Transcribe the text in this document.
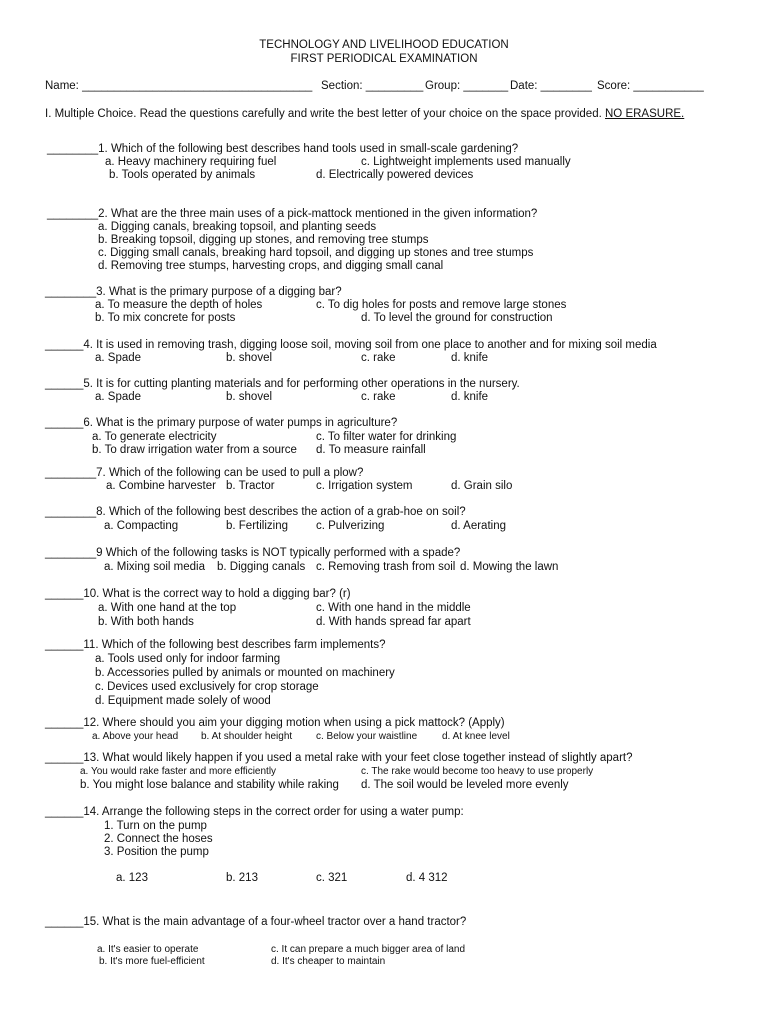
TECHNOLOGY AND LIVELIHOOD EDUCATION
FIRST PERIODICAL EXAMINATION
Name: ____________________________________ Section: _________ Group: _______ Date: ________ Score: ___________
I. Multiple Choice. Read the questions carefully and write the best letter of your choice on the space provided. NO ERASURE.
________1. Which of the following best describes hand tools used in small-scale gardening?
a. Heavy machinery requiring fuel	c. Lightweight implements used manually
b. Tools operated by animals	d. Electrically powered devices
________2. What are the three main uses of a pick-mattock mentioned in the given information?
a. Digging canals, breaking topsoil, and planting seeds
b. Breaking topsoil, digging up stones, and removing tree stumps
c. Digging small canals, breaking hard topsoil, and digging up stones and tree stumps
d. Removing tree stumps, harvesting crops, and digging small canal
________3. What is the primary purpose of a digging bar?
a. To measure the depth of holes	c. To dig holes for posts and remove large stones
b. To mix concrete for posts	d. To level the ground for construction
______4. It is used in removing trash, digging loose soil, moving soil from one place to another and for mixing soil media
a. Spade	b. shovel	c. rake	d. knife
______5. It is for cutting planting materials and for performing other operations in the nursery.
a. Spade	b. shovel	c. rake	d. knife
______6. What is the primary purpose of water pumps in agriculture?
a. To generate electricity	c. To filter water for drinking
b. To draw irrigation water from a source d. To measure rainfall
________7. Which of the following can be used to pull a plow?
a. Combine harvester b. Tractor	c. Irrigation system	d. Grain silo
________8. Which of the following best describes the action of a grab-hoe on soil?
a. Compacting	b. Fertilizing c. Pulverizing	d. Aerating
________9 Which of the following tasks is NOT typically performed with a spade?
a. Mixing soil media b. Digging canals c. Removing trash from soil d. Mowing the lawn
______10. What is the correct way to hold a digging bar? (r)
a. With one hand at the top	c. With one hand in the middle
b. With both hands	d. With hands spread far apart
______11. Which of the following best describes farm implements?
a. Tools used only for indoor farming
b. Accessories pulled by animals or mounted on machinery
c. Devices used exclusively for crop storage
d. Equipment made solely of wood
______12. Where should you aim your digging motion when using a pick mattock? (Apply)
a. Above your head b. At shoulder height c. Below your waistline d. At knee level
______13. What would likely happen if you used a metal rake with your feet close together instead of slightly apart?
a. You would rake faster and more efficiently	c. The rake would become too heavy to use properly
b. You might lose balance and stability while raking d. The soil would be leveled more evenly
______14. Arrange the following steps in the correct order for using a water pump:
1. Turn on the pump
2. Connect the hoses
3. Position the pump
a. 123	b. 213	c. 321	d. 4 312
______15. What is the main advantage of a four-wheel tractor over a hand tractor?
a. It's easier to operate	c. It can prepare a much bigger area of land
b. It's more fuel-efficient	d. It's cheaper to maintain
